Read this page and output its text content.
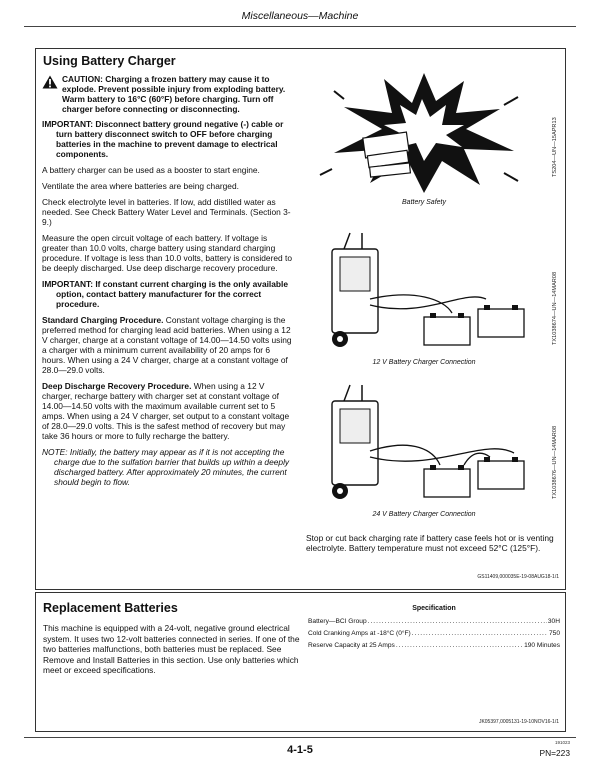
Miscellaneous—Machine
Using Battery Charger
CAUTION: Charging a frozen battery may cause it to explode. Prevent possible injury from exploding battery. Warm battery to 16°C (60°F) before charging. Turn off charger before connecting or disconnecting.

IMPORTANT: Disconnect battery ground negative (-) cable or turn battery disconnect switch to OFF before charging batteries in the machine to prevent damage to electrical components.

A battery charger can be used as a booster to start engine.

Ventilate the area where batteries are being charged.

Check electrolyte level in batteries. If low, add distilled water as needed. See Check Battery Water Level and Terminals. (Section 3-9.)

Measure the open circuit voltage of each battery. If voltage is greater than 10.0 volts, charge battery using standard charging procedure. If voltage is less than 10.0 volts, battery is considered to be deeply discharged. Use deep discharge recovery procedure.

IMPORTANT: If constant current charging is the only available option, contact battery manufacturer for the correct procedure.

Standard Charging Procedure. Constant voltage charging is the preferred method for charging lead acid batteries. When using a 12 V charger, charge at a constant voltage of 14.00—14.50 volts using a charger with a minimum current availability of 20 amps for 6 hours. When using a 24 V charger, charge at a constant voltage of 28.0—29.0 volts.

Deep Discharge Recovery Procedure. When using a 12 V charger, recharge battery with charger set at constant voltage of 14.00—14.50 volts with the maximum available current set to 5 amps. When using a 24 V charger, set output to a constant voltage of 28.0—29.0 volts. This is the safest method of recovery but may take 36 hours or more to fully recharge the battery.

NOTE: Initially, the battery may appear as if it is not accepting the charge due to the sulfation barrier that builds up within a deeply discharged battery. After approximately 20 minutes, the current should begin to flow.

Battery Safety
TS204—UN—15APR13
12 V Battery Charger Connection
TX1038674—UN—14MAR08
24 V Battery Charger Connection
TX1038676—UN—14MAR08
Stop or cut back charging rate if battery case feels hot or is venting electrolyte. Battery temperature must not exceed 52°C (125°F).
GS11409,000035E-19-08AUG18-1/1
Replacement Batteries
This machine is equipped with a 24-volt, negative ground electrical system. It uses two 12-volt batteries connected in series. If one of the two batteries malfunctions, both batteries must be replaced. See Remove and Install Batteries in this section. Use only batteries which meet or exceed specifications.
Specification
Battery—BCI Group .....	30H
Cold Cranking Amps at -18°C (0°F) .....	750
Reserve Capacity at 25 Amps .....	190 Minutes
JK05397,0005131-19-10NOV16-1/1
4-1-5
191023
PN=223
